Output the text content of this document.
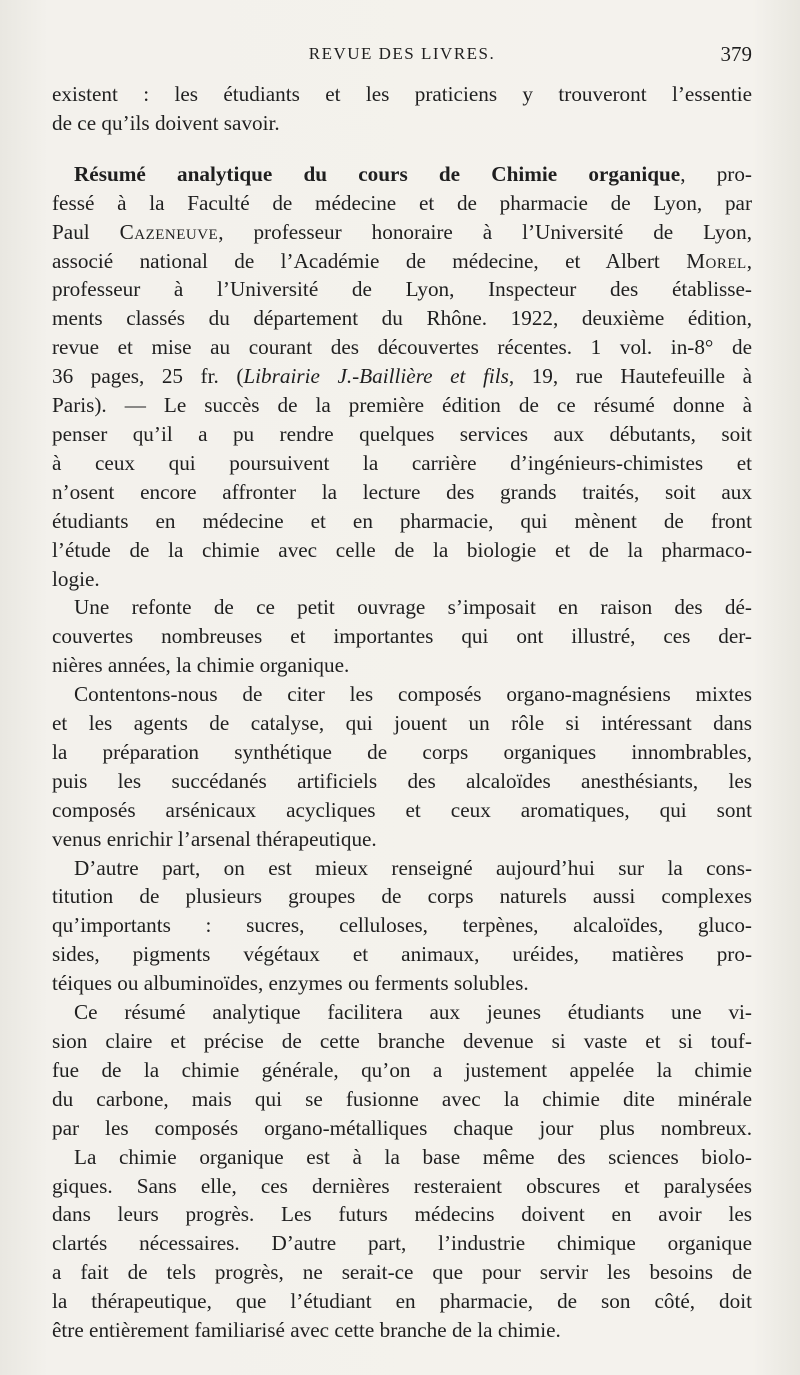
REVUE DES LIVRES.	379

existent : les étudiants et les praticiens y trouveront l’essentie
de ce qu’ils doivent savoir.

Résumé analytique du cours de Chimie organique, pro-
fessé à la Faculté de médecine et de pharmacie de Lyon, par
Paul Cazeneuve, professeur honoraire à l’Université de Lyon,
associé national de l’Académie de médecine, et Albert Morel,
professeur à l’Université de Lyon, Inspecteur des établisse-
ments classés du département du Rhône. 1922, deuxième édition,
revue et mise au courant des découvertes récentes. 1 vol. in-8° de
36 pages, 25 fr. (Librairie J.-Baillière et fils, 19, rue Hautefeuille à
Paris). — Le succès de la première édition de ce résumé donne à
penser qu’il a pu rendre quelques services aux débutants, soit
à ceux qui poursuivent la carrière d’ingénieurs-chimistes et
n’osent encore affronter la lecture des grands traités, soit aux
étudiants en médecine et en pharmacie, qui mènent de front
l’étude de la chimie avec celle de la biologie et de la pharmaco-
logie.

Une refonte de ce petit ouvrage s’imposait en raison des dé-
couvertes nombreuses et importantes qui ont illustré, ces der-
nières années, la chimie organique.

Contentons-nous de citer les composés organo-magnésiens mixtes
et les agents de catalyse, qui jouent un rôle si intéressant dans
la préparation synthétique de corps organiques innombrables,
puis les succédanés artificiels des alcaloïdes anesthésiants, les
composés arsénicaux acycliques et ceux aromatiques, qui sont
venus enrichir l’arsenal thérapeutique.

D’autre part, on est mieux renseigné aujourd’hui sur la cons-
titution de plusieurs groupes de corps naturels aussi complexes
qu’importants : sucres, celluloses, terpènes, alcaloïdes, gluco-
sides, pigments végétaux et animaux, uréides, matières pro-
téiques ou albuminoïdes, enzymes ou ferments solubles.

Ce résumé analytique facilitera aux jeunes étudiants une vi-
sion claire et précise de cette branche devenue si vaste et si touf-
fue de la chimie générale, qu’on a justement appelée la chimie
du carbone, mais qui se fusionne avec la chimie dite minérale
par les composés organo-métalliques chaque jour plus nombreux.

La chimie organique est à la base même des sciences biolo-
giques. Sans elle, ces dernières resteraient obscures et paralysées
dans leurs progrès. Les futurs médecins doivent en avoir les
clartés nécessaires. D’autre part, l’industrie chimique organique
a fait de tels progrès, ne serait-ce que pour servir les besoins de
la thérapeutique, que l’étudiant en pharmacie, de son côté, doit
être entièrement familiarisé avec cette branche de la chimie.
